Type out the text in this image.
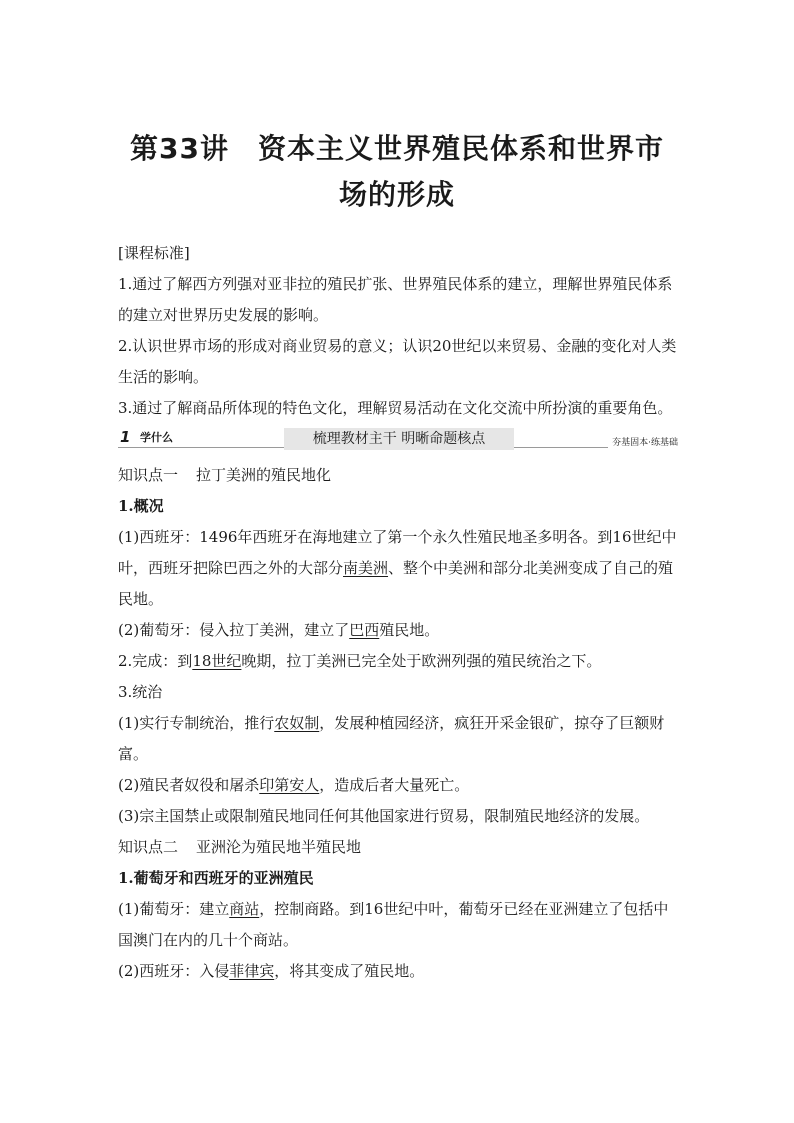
第33讲　资本主义世界殖民体系和世界市
场的形成

[课程标准]

1.通过了解西方列强对亚非拉的殖民扩张、世界殖民体系的建立，理解世界殖民体系的建立对世界历史发展的影响。

2.认识世界市场的形成对商业贸易的意义；认识20世纪以来贸易、金融的变化对人类生活的影响。

3.通过了解商品所体现的特色文化，理解贸易活动在文化交流中所扮演的重要角色。

1 学什么	梳理教材主干 明晰命题核点	夯基固本·练基础

知识点一 拉丁美洲的殖民地化

1.概况

(1)西班牙：1496年西班牙在海地建立了第一个永久性殖民地圣多明各。到16世纪中叶，西班牙把除巴西之外的大部分南美洲、整个中美洲和部分北美洲变成了自己的殖民地。

(2)葡萄牙：侵入拉丁美洲，建立了巴西殖民地。

2.完成：到18世纪晚期，拉丁美洲已完全处于欧洲列强的殖民统治之下。

3.统治

(1)实行专制统治，推行农奴制，发展种植园经济，疯狂开采金银矿，掠夺了巨额财富。

(2)殖民者奴役和屠杀印第安人，造成后者大量死亡。

(3)宗主国禁止或限制殖民地同任何其他国家进行贸易，限制殖民地经济的发展。

知识点二 亚洲沦为殖民地半殖民地

1.葡萄牙和西班牙的亚洲殖民

(1)葡萄牙：建立商站，控制商路。到16世纪中叶，葡萄牙已经在亚洲建立了包括中国澳门在内的几十个商站。

(2)西班牙：入侵菲律宾，将其变成了殖民地。
